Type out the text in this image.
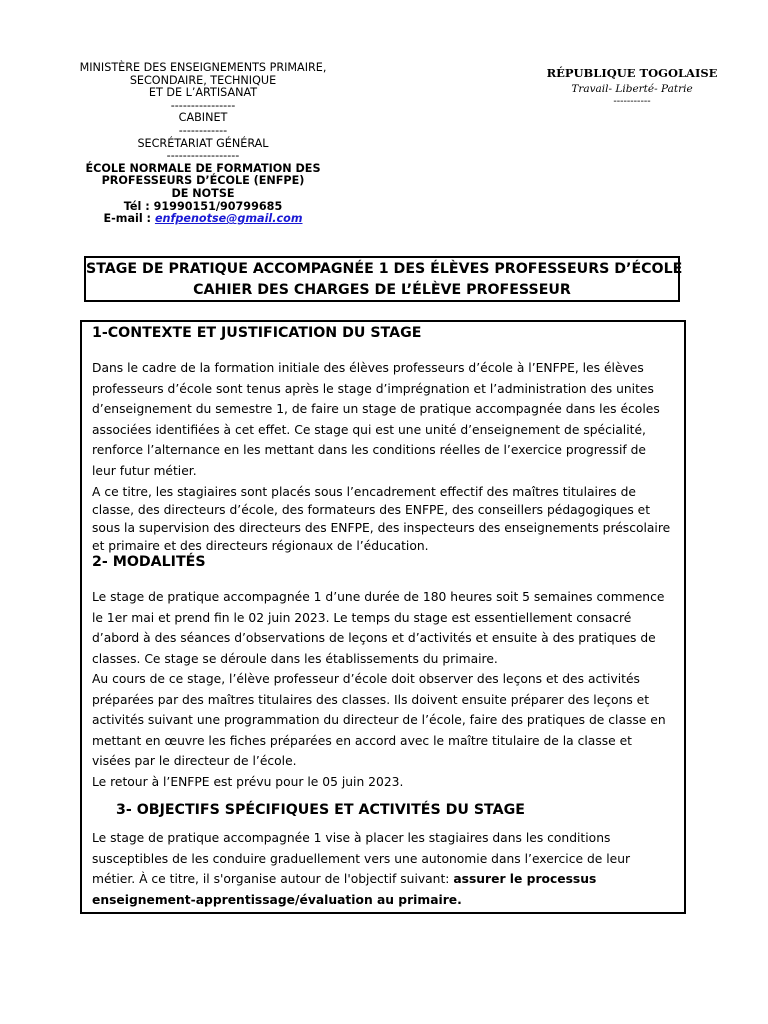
MINISTÈRE DES ENSEIGNEMENTS PRIMAIRE,
SECONDAIRE, TECHNIQUE
ET DE L’ARTISANAT
----------------
CABINET
------------
SECRÉTARIAT GÉNÉRAL
------------------
ÉCOLE NORMALE DE FORMATION DES
PROFESSEURS D’ÉCOLE (ENFPE)
DE NOTSE
Tél : 91990151/90799685
E-mail : enfpenotse@gmail.com
RÉPUBLIQUE TOGOLAISE
Travail- Liberté- Patrie
-----------
STAGE DE PRATIQUE ACCOMPAGNÉE 1 DES ÉLÈVES PROFESSEURS D’ÉCOLE
CAHIER DES CHARGES DE L’ÉLÈVE PROFESSEUR
1-CONTEXTE ET JUSTIFICATION DU STAGE
Dans le cadre de la formation initiale des élèves professeurs d’école à l’ENFPE, les élèves
professeurs d’école sont tenus après le stage d’imprégnation et l’administration des unites
d’enseignement du semestre 1, de faire un stage de pratique accompagnée dans les écoles
associées identifiées à cet effet. Ce stage qui est une unité d’enseignement de spécialité,
renforce l’alternance en les mettant dans les conditions réelles de l’exercice progressif de
leur futur métier.
A ce titre, les stagiaires sont placés sous l’encadrement effectif des maîtres titulaires de
classe, des directeurs d’école, des formateurs des ENFPE, des conseillers pédagogiques et
sous la supervision des directeurs des ENFPE, des inspecteurs des enseignements préscolaire
et primaire et des directeurs régionaux de l’éducation.
2- MODALITÉS
Le stage de pratique accompagnée 1 d’une durée de 180 heures soit 5 semaines commence
le 1er mai et prend fin le 02 juin 2023. Le temps du stage est essentiellement consacré
d’abord à des séances d’observations de leçons et d’activités et ensuite à des pratiques de
classes. Ce stage se déroule dans les établissements du primaire.
Au cours de ce stage, l’élève professeur d’école doit observer des leçons et des activités
préparées par des maîtres titulaires des classes. Ils doivent ensuite préparer des leçons et
activités suivant une programmation du directeur de l’école, faire des pratiques de classe en
mettant en œuvre les fiches préparées en accord avec le maître titulaire de la classe et
visées par le directeur de l’école.
Le retour à l’ENFPE est prévu pour le 05 juin 2023.
3- OBJECTIFS SPÉCIFIQUES ET ACTIVITÉS DU STAGE
Le stage de pratique accompagnée 1 vise à placer les stagiaires dans les conditions
susceptibles de les conduire graduellement vers une autonomie dans l’exercice de leur
métier. À ce titre, il s'organise autour de l'objectif suivant: assurer le processus
enseignement-apprentissage/évaluation au primaire.
